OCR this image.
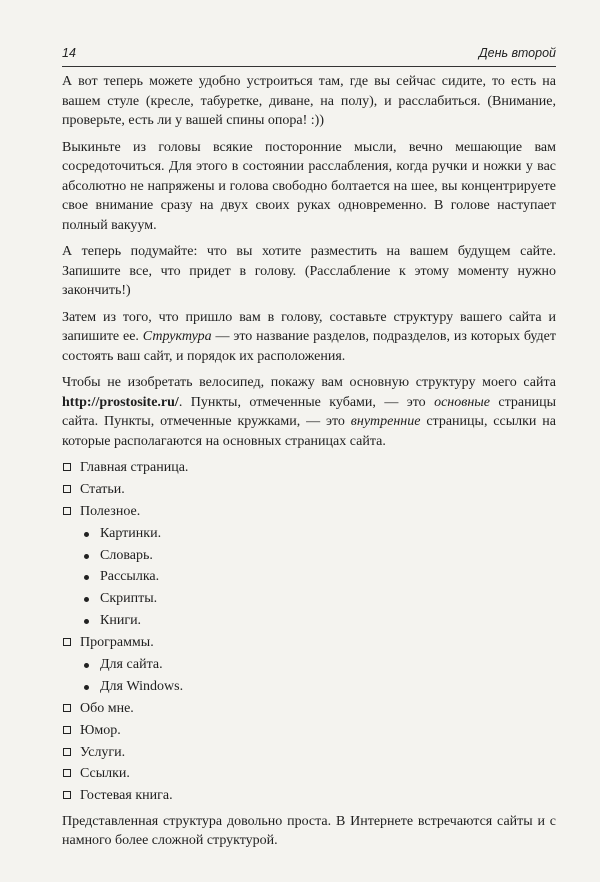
14	День второй

А вот теперь можете удобно устроиться там, где вы сейчас сидите, то есть на вашем стуле (кресле, табуретке, диване, на полу), и расслабиться. (Внимание, проверьте, есть ли у вашей спины опора! :))

Выкиньте из головы всякие посторонние мысли, вечно мешающие вам сосредоточиться. Для этого в состоянии расслабления, когда ручки и ножки у вас абсолютно не напряжены и голова свободно болтается на шее, вы концентрируете свое внимание сразу на двух своих руках одновременно. В голове наступает полный вакуум.

А теперь подумайте: что вы хотите разместить на вашем будущем сайте. Запишите все, что придет в голову. (Расслабление к этому моменту нужно закончить!)

Затем из того, что пришло вам в голову, составьте структуру вашего сайта и запишите ее. Структура — это название разделов, подразделов, из которых будет состоять ваш сайт, и порядок их расположения.

Чтобы не изобретать велосипед, покажу вам основную структуру моего сайта http://prostosite.ru/. Пункты, отмеченные кубами, — это основные страницы сайта. Пункты, отмеченные кружками, — это внутренние страницы, ссылки на которые располагаются на основных страницах сайта.

Главная страница.
Статьи.
Полезное.
Картинки.
Словарь.
Рассылка.
Скрипты.
Книги.
Программы.
Для сайта.
Для Windows.
Обо мне.
Юмор.
Услуги.
Ссылки.
Гостевая книга.

Представленная структура довольно проста. В Интернете встречаются сайты и с намного более сложной структурой.
